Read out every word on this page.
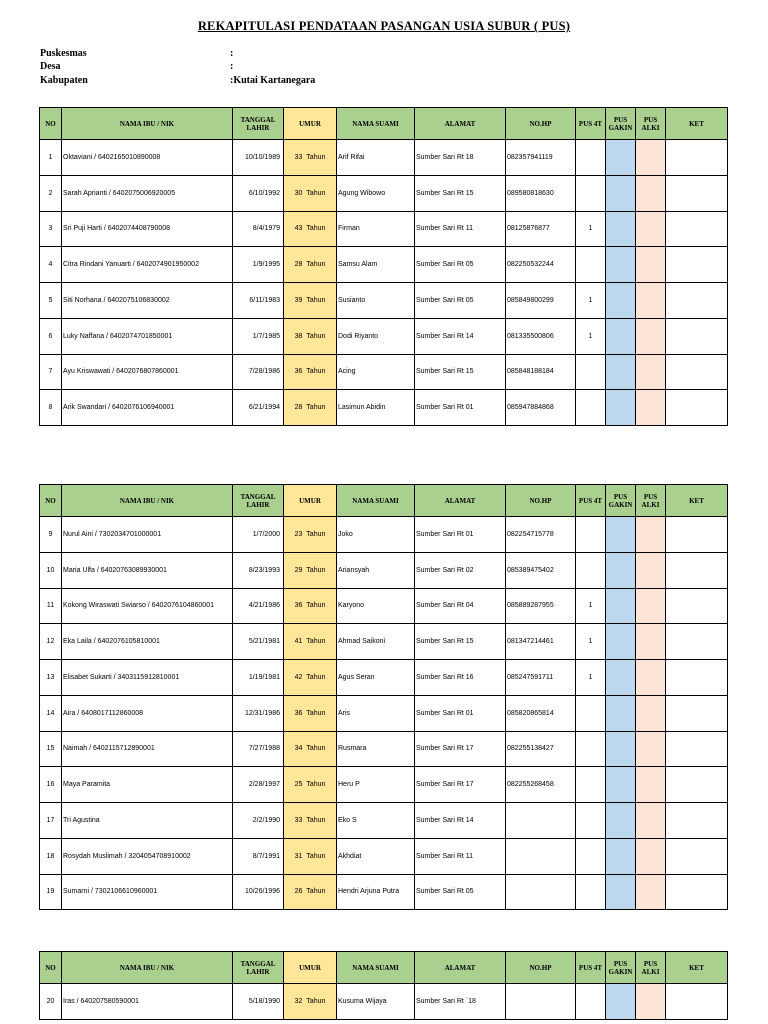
REKAPITULASI PENDATAAN PASANGAN USIA SUBUR ( PUS)
Puskesmas	:
Desa	:
Kabupaten	:Kutai Kartanegara
NO	NAMA IBU / NIK	TANGGAL LAHIR	UMUR	NAMA SUAMI	ALAMAT	NO.HP	PUS 4T	PUS GAKIN	PUS ALKI	KET
1	Oktaviani / 6402165010890008	10/10/1989	33 Tahun	Arif Rifai	Sumber Sari Rt 18	082357941119				
2	Sarah Aprianti / 6402075006920005	6/10/1992	30 Tahun	Agung Wibowo	Sumber Sari Rt 15	089580818630				
3	Sri Puji Harti / 6402074408790008	8/4/1979	43 Tahun	Firman	Sumber Sari Rt 11	08125876877	1			
4	Citra Rindani Yanuarti / 6402074901950002	1/9/1995	28 Tahun	Samsu Alam	Sumber Sari Rt 05	082250532244				
5	Siti Norhana / 6402075106830002	6/11/1983	39 Tahun	Susianto	Sumber Sari Rt 05	085849800299	1			
6	Luky Naffana / 6402074701850001	1/7/1985	38 Tahun	Dodi Riyanto	Sumber Sari Rt 14	081335500806	1			
7	Ayu Kriswawati / 6402076807860001	7/28/1986	36 Tahun	Acing	Sumber Sari Rt 15	085848188184				
8	Arik Swandari / 6402076106940001	6/21/1994	28 Tahun	Lasimun Abidin	Sumber Sari Rt 01	085947884868				
NO	NAMA IBU / NIK	TANGGAL LAHIR	UMUR	NAMA SUAMI	ALAMAT	NO.HP	PUS 4T	PUS GAKIN	PUS ALKI	KET
9	Nurul Aini / 7302034701000001	1/7/2000	23 Tahun	Joko	Sumber Sari Rt 01	082254715778				
10	Maria Ulfa / 6402076308993000​1	8/23/1993	29 Tahun	Ariansyah	Sumber Sari Rt 02	085389475402				
11	Kokong Wiraswati Swiarso / 6402076104860001	4/21/1986	36 Tahun	Karyono	Sumber Sari Rt 04	085889287955	1			
12	Eka Laila / 6402076105810001	5/21/1981	41 Tahun	Ahmad Saikoni	Sumber Sari Rt 15	081347214461	1			
13	Elisabet Sukarti / 3403115912810001	1/19/1981	42 Tahun	Agus Seran	Sumber Sari Rt 16	085247591711	1			
14	Aira / 6408017112860008	12/31/1986	36 Tahun	Aris	Sumber Sari Rt 01	085820865814				
15	Naimah / 6402115712890001	7/27/1988	34 Tahun	Rusmara	Sumber Sari Rt 17	082255138427				
16	Maya Paramita	2/28/1997	25 Tahun	Heru P	Sumber Sari Rt 17	082255268458				
17	Tri Agustina	2/2/1990	33 Tahun	Eko S	Sumber Sari Rt 14					
18	Rosydah Muslimah / 3204054708910002	8/7/1991	31 Tahun	Akhdiat	Sumber Sari Rt 11					
19	Sumarni / 7302106610960001	10/26/1996	26 Tahun	Hendri Arjuna Putra	Sumber Sari Rt 05					
NO	NAMA IBU / NIK	TANGGAL LAHIR	UMUR	NAMA SUAMI	ALAMAT	NO.HP	PUS 4T	PUS GAKIN	PUS ALKI	KET
20	Iras / 640207580590001	5/18/1990	32 Tahun	Kusuma Wijaya	Sumber Sari Rt `18					
